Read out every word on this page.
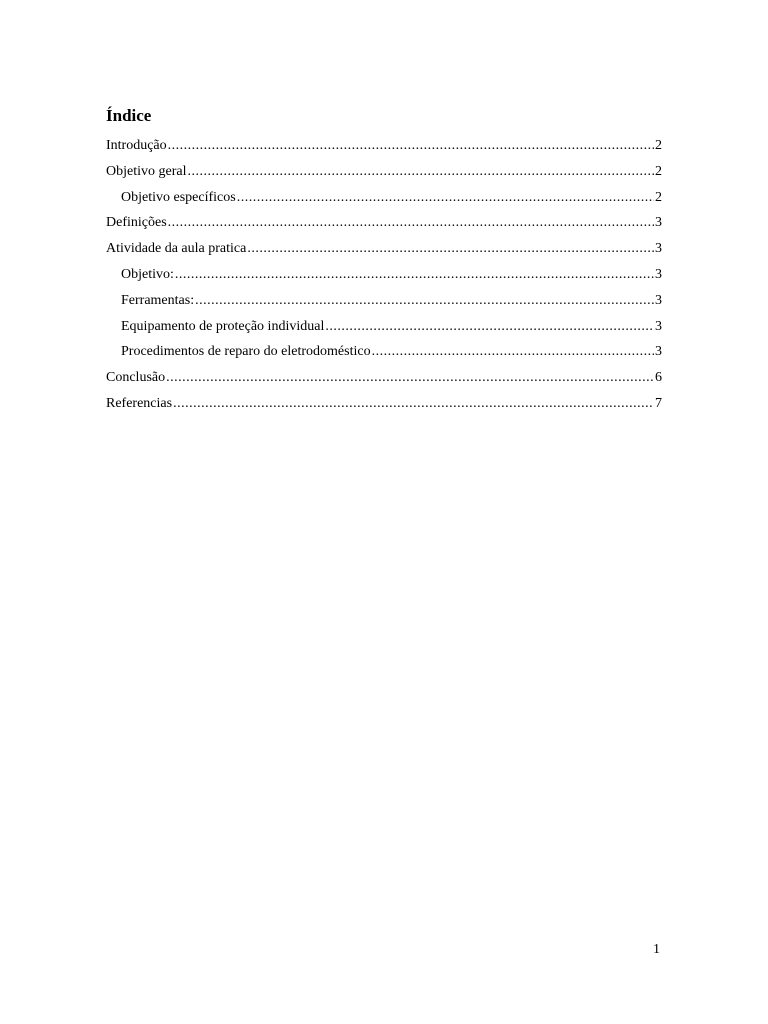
Índice
Introdução .....	2
Objetivo geral .....	2
Objetivo específicos .....	2
Definições .....	3
Atividade da aula pratica .....	3
Objetivo: .....	3
Ferramentas: .....	3
Equipamento de proteção individual .....	3
Procedimentos de reparo do eletrodoméstico .....	3
Conclusão .....	6
Referencias .....	7
1
